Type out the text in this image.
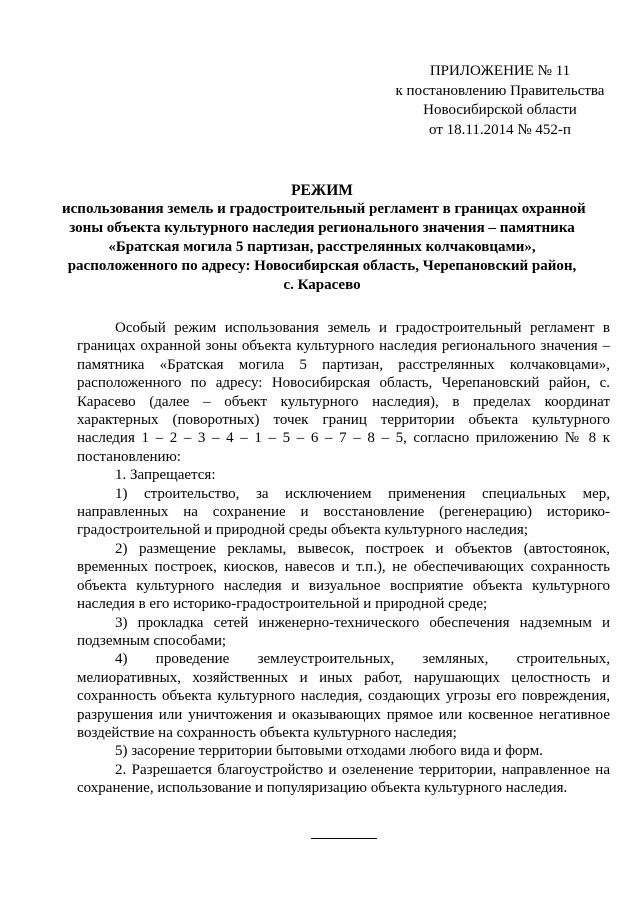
ПРИЛОЖЕНИЕ № 11
к постановлению Правительства
Новосибирской области
от 18.11.2014 № 452-п
РЕЖИМ
использования земель и градостроительный регламент в границах охранной
зоны объекта культурного наследия регионального значения – памятника
«Братская могила 5 партизан, расстрелянных колчаковцами»,
расположенного по адресу: Новосибирская область, Черепановский район,
с. Карасево

Особый режим использования земель и градостроительный регламент в границах охранной зоны объекта культурного наследия регионального значения – памятника «Братская могила 5 партизан, расстрелянных колчаковцами», расположенного по адресу: Новосибирская область, Черепановский район, с. Карасево (далее – объект культурного наследия), в пределах координат характерных (поворотных) точек границ территории объекта культурного наследия 1 – 2 – 3 – 4 – 1 – 5 – 6 – 7 – 8 – 5, согласно приложению № 8 к постановлению:

1. Запрещается:

1) строительство, за исключением применения специальных мер, направленных на сохранение и восстановление (регенерацию) историко-градостроительной и природной среды объекта культурного наследия;

2) размещение рекламы, вывесок, построек и объектов (автостоянок, временных построек, киосков, навесов и т.п.), не обеспечивающих сохранность объекта культурного наследия и визуальное восприятие объекта культурного наследия в его историко-градостроительной и природной среде;

3) прокладка сетей инженерно-технического обеспечения надземным и подземным способами;

4) проведение землеустроительных, земляных, строительных, мелиоративных, хозяйственных и иных работ, нарушающих целостность и сохранность объекта культурного наследия, создающих угрозы его повреждения, разрушения или уничтожения и оказывающих прямое или косвенное негативное воздействие на сохранность объекта культурного наследия;

5) засорение территории бытовыми отходами любого вида и форм.

2. Разрешается благоустройство и озеленение территории, направленное на сохранение, использование и популяризацию объекта культурного наследия.
